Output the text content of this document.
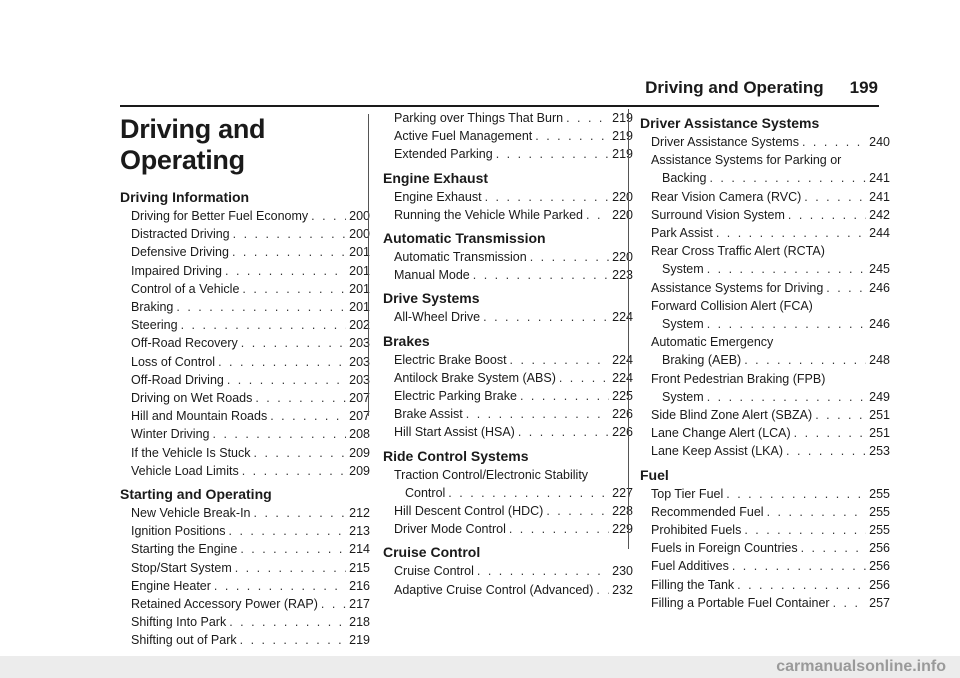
Driving and Operating 199
Driving and Operating
Driving Information
Driving for Better Fuel Economy . . .	200
Distracted Driving . . .	200
Defensive Driving . . .	201
Impaired Driving . . .	201
Control of a Vehicle . . .	201
Braking . . .	201
Steering . . .	202
Off-Road Recovery . . .	203
Loss of Control . . .	203
Off-Road Driving . . .	203
Driving on Wet Roads . . .	207
Hill and Mountain Roads . . .	207
Winter Driving . . .	208
If the Vehicle Is Stuck . . .	209
Vehicle Load Limits . . .	209
Starting and Operating
New Vehicle Break-In . . .	212
Ignition Positions . . .	213
Starting the Engine . . .	214
Stop/Start System . . .	215
Engine Heater . . .	216
Retained Accessory Power (RAP) . . .	217
Shifting Into Park . . .	218
Shifting out of Park . . .	219
Parking over Things That Burn . . .	219
Active Fuel Management . . .	219
Extended Parking . . .	219
Engine Exhaust
Engine Exhaust . . .	220
Running the Vehicle While Parked . . . 220
Automatic Transmission
Automatic Transmission . . .	220
Manual Mode . . .	223
Drive Systems
All-Wheel Drive . . .	224
Brakes
Electric Brake Boost . . .	224
Antilock Brake System (ABS) . . .	224
Electric Parking Brake . . .	225
Brake Assist . . .	226
Hill Start Assist (HSA) . . .	226
Ride Control Systems
Traction Control/Electronic Stability
Control . . .	227
Hill Descent Control (HDC) . . .	228
Driver Mode Control . . .	229
Cruise Control
Cruise Control . . .	230
Adaptive Cruise Control (Advanced) . . . 232
Driver Assistance Systems
Driver Assistance Systems . . .	240
Assistance Systems for Parking or
Backing . . .	241
Rear Vision Camera (RVC) . . .	241
Surround Vision System . . .	242
Park Assist . . .	244
Rear Cross Traffic Alert (RCTA)
System . . .	245
Assistance Systems for Driving . . .	246
Forward Collision Alert (FCA)
System . . .	246
Automatic Emergency
Braking (AEB) . . .	248
Front Pedestrian Braking (FPB)
System . . .	249
Side Blind Zone Alert (SBZA) . . .	251
Lane Change Alert (LCA) . . .	251
Lane Keep Assist (LKA) . . .	253
Fuel
Top Tier Fuel . . .	255
Recommended Fuel . . .	255
Prohibited Fuels . . .	255
Fuels in Foreign Countries . . .	256
Fuel Additives . . .	256
Filling the Tank . . .	256
Filling a Portable Fuel Container . . .	257
carmanualsonline.info
